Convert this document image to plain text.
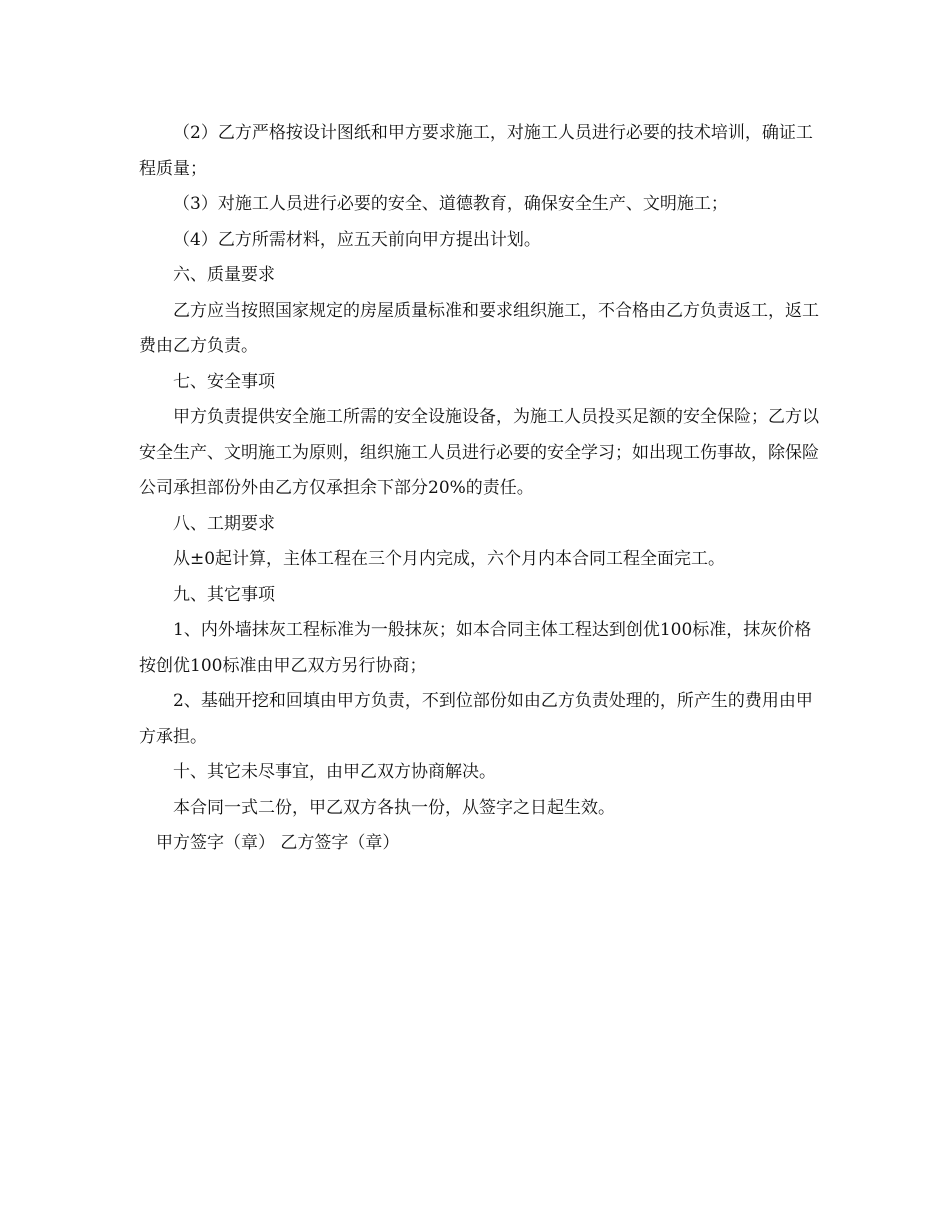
（2）乙方严格按设计图纸和甲方要求施工，对施工人员进行必要的技术培训，确证工程质量；

（3）对施工人员进行必要的安全、道德教育，确保安全生产、文明施工；

（4）乙方所需材料，应五天前向甲方提出计划。

六、质量要求

乙方应当按照国家规定的房屋质量标准和要求组织施工，不合格由乙方负责返工，返工费由乙方负责。

七、安全事项

甲方负责提供安全施工所需的安全设施设备，为施工人员投买足额的安全保险；乙方以安全生产、文明施工为原则，组织施工人员进行必要的安全学习；如出现工伤事故，除保险公司承担部份外由乙方仅承担余下部分20%的责任。

八、工期要求

从±0起计算，主体工程在三个月内完成，六个月内本合同工程全面完工。

九、其它事项

1、内外墙抹灰工程标准为一般抹灰；如本合同主体工程达到创优100标准，抹灰价格按创优100标准由甲乙双方另行协商；

2、基础开挖和回填由甲方负责，不到位部份如由乙方负责处理的，所产生的费用由甲方承担。

十、其它未尽事宜，由甲乙双方协商解决。

本合同一式二份，甲乙双方各执一份，从签字之日起生效。

甲方签字（章） 乙方签字（章）
